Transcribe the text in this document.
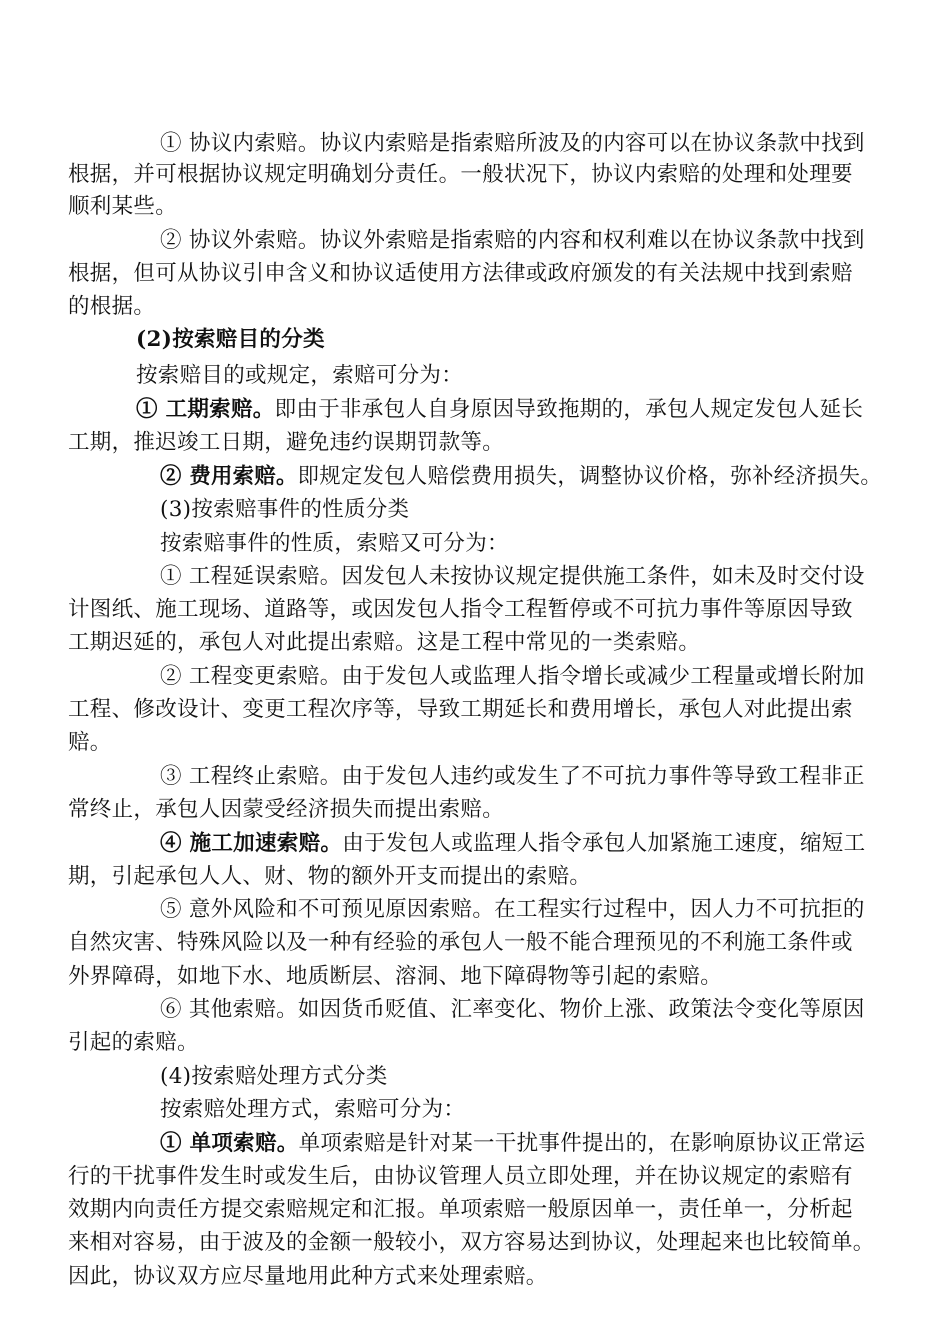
① 协议内索赔。协议内索赔是指索赔所波及的内容可以在协议条款中找到
根据，并可根据协议规定明确划分责任。一般状况下，协议内索赔的处理和处理要
顺利某些。
② 协议外索赔。协议外索赔是指索赔的内容和权利难以在协议条款中找到
根据，但可从协议引申含义和协议适使用方法律或政府颁发的有关法规中找到索赔
的根据。
(2)按索赔目的分类
按索赔目的或规定，索赔可分为：
① 工期索赔。即由于非承包人自身原因导致拖期的，承包人规定发包人延长
工期，推迟竣工日期，避免违约误期罚款等。
② 费用索赔。即规定发包人赔偿费用损失，调整协议价格，弥补经济损失。
(3)按索赔事件的性质分类
按索赔事件的性质，索赔又可分为：
① 工程延误索赔。因发包人未按协议规定提供施工条件，如未及时交付设
计图纸、施工现场、道路等，或因发包人指令工程暂停或不可抗力事件等原因导致
工期迟延的，承包人对此提出索赔。这是工程中常见的一类索赔。
② 工程变更索赔。由于发包人或监理人指令增长或减少工程量或增长附加
工程、修改设计、变更工程次序等，导致工期延长和费用增长，承包人对此提出索
赔。
③ 工程终止索赔。由于发包人违约或发生了不可抗力事件等导致工程非正
常终止，承包人因蒙受经济损失而提出索赔。
④ 施工加速索赔。由于发包人或监理人指令承包人加紧施工速度，缩短工
期，引起承包人人、财、物的额外开支而提出的索赔。
⑤ 意外风险和不可预见原因索赔。在工程实行过程中，因人力不可抗拒的
自然灾害、特殊风险以及一种有经验的承包人一般不能合理预见的不利施工条件或
外界障碍，如地下水、地质断层、溶洞、地下障碍物等引起的索赔。
⑥ 其他索赔。如因货币贬值、汇率变化、物价上涨、政策法令变化等原因
引起的索赔。
(4)按索赔处理方式分类
按索赔处理方式，索赔可分为：
① 单项索赔。单项索赔是针对某一干扰事件提出的，在影响原协议正常运
行的干扰事件发生时或发生后，由协议管理人员立即处理，并在协议规定的索赔有
效期内向责任方提交索赔规定和汇报。单项索赔一般原因单一，责任单一，分析起
来相对容易，由于波及的金额一般较小，双方容易达到协议，处理起来也比较简单。
因此，协议双方应尽量地用此种方式来处理索赔。
